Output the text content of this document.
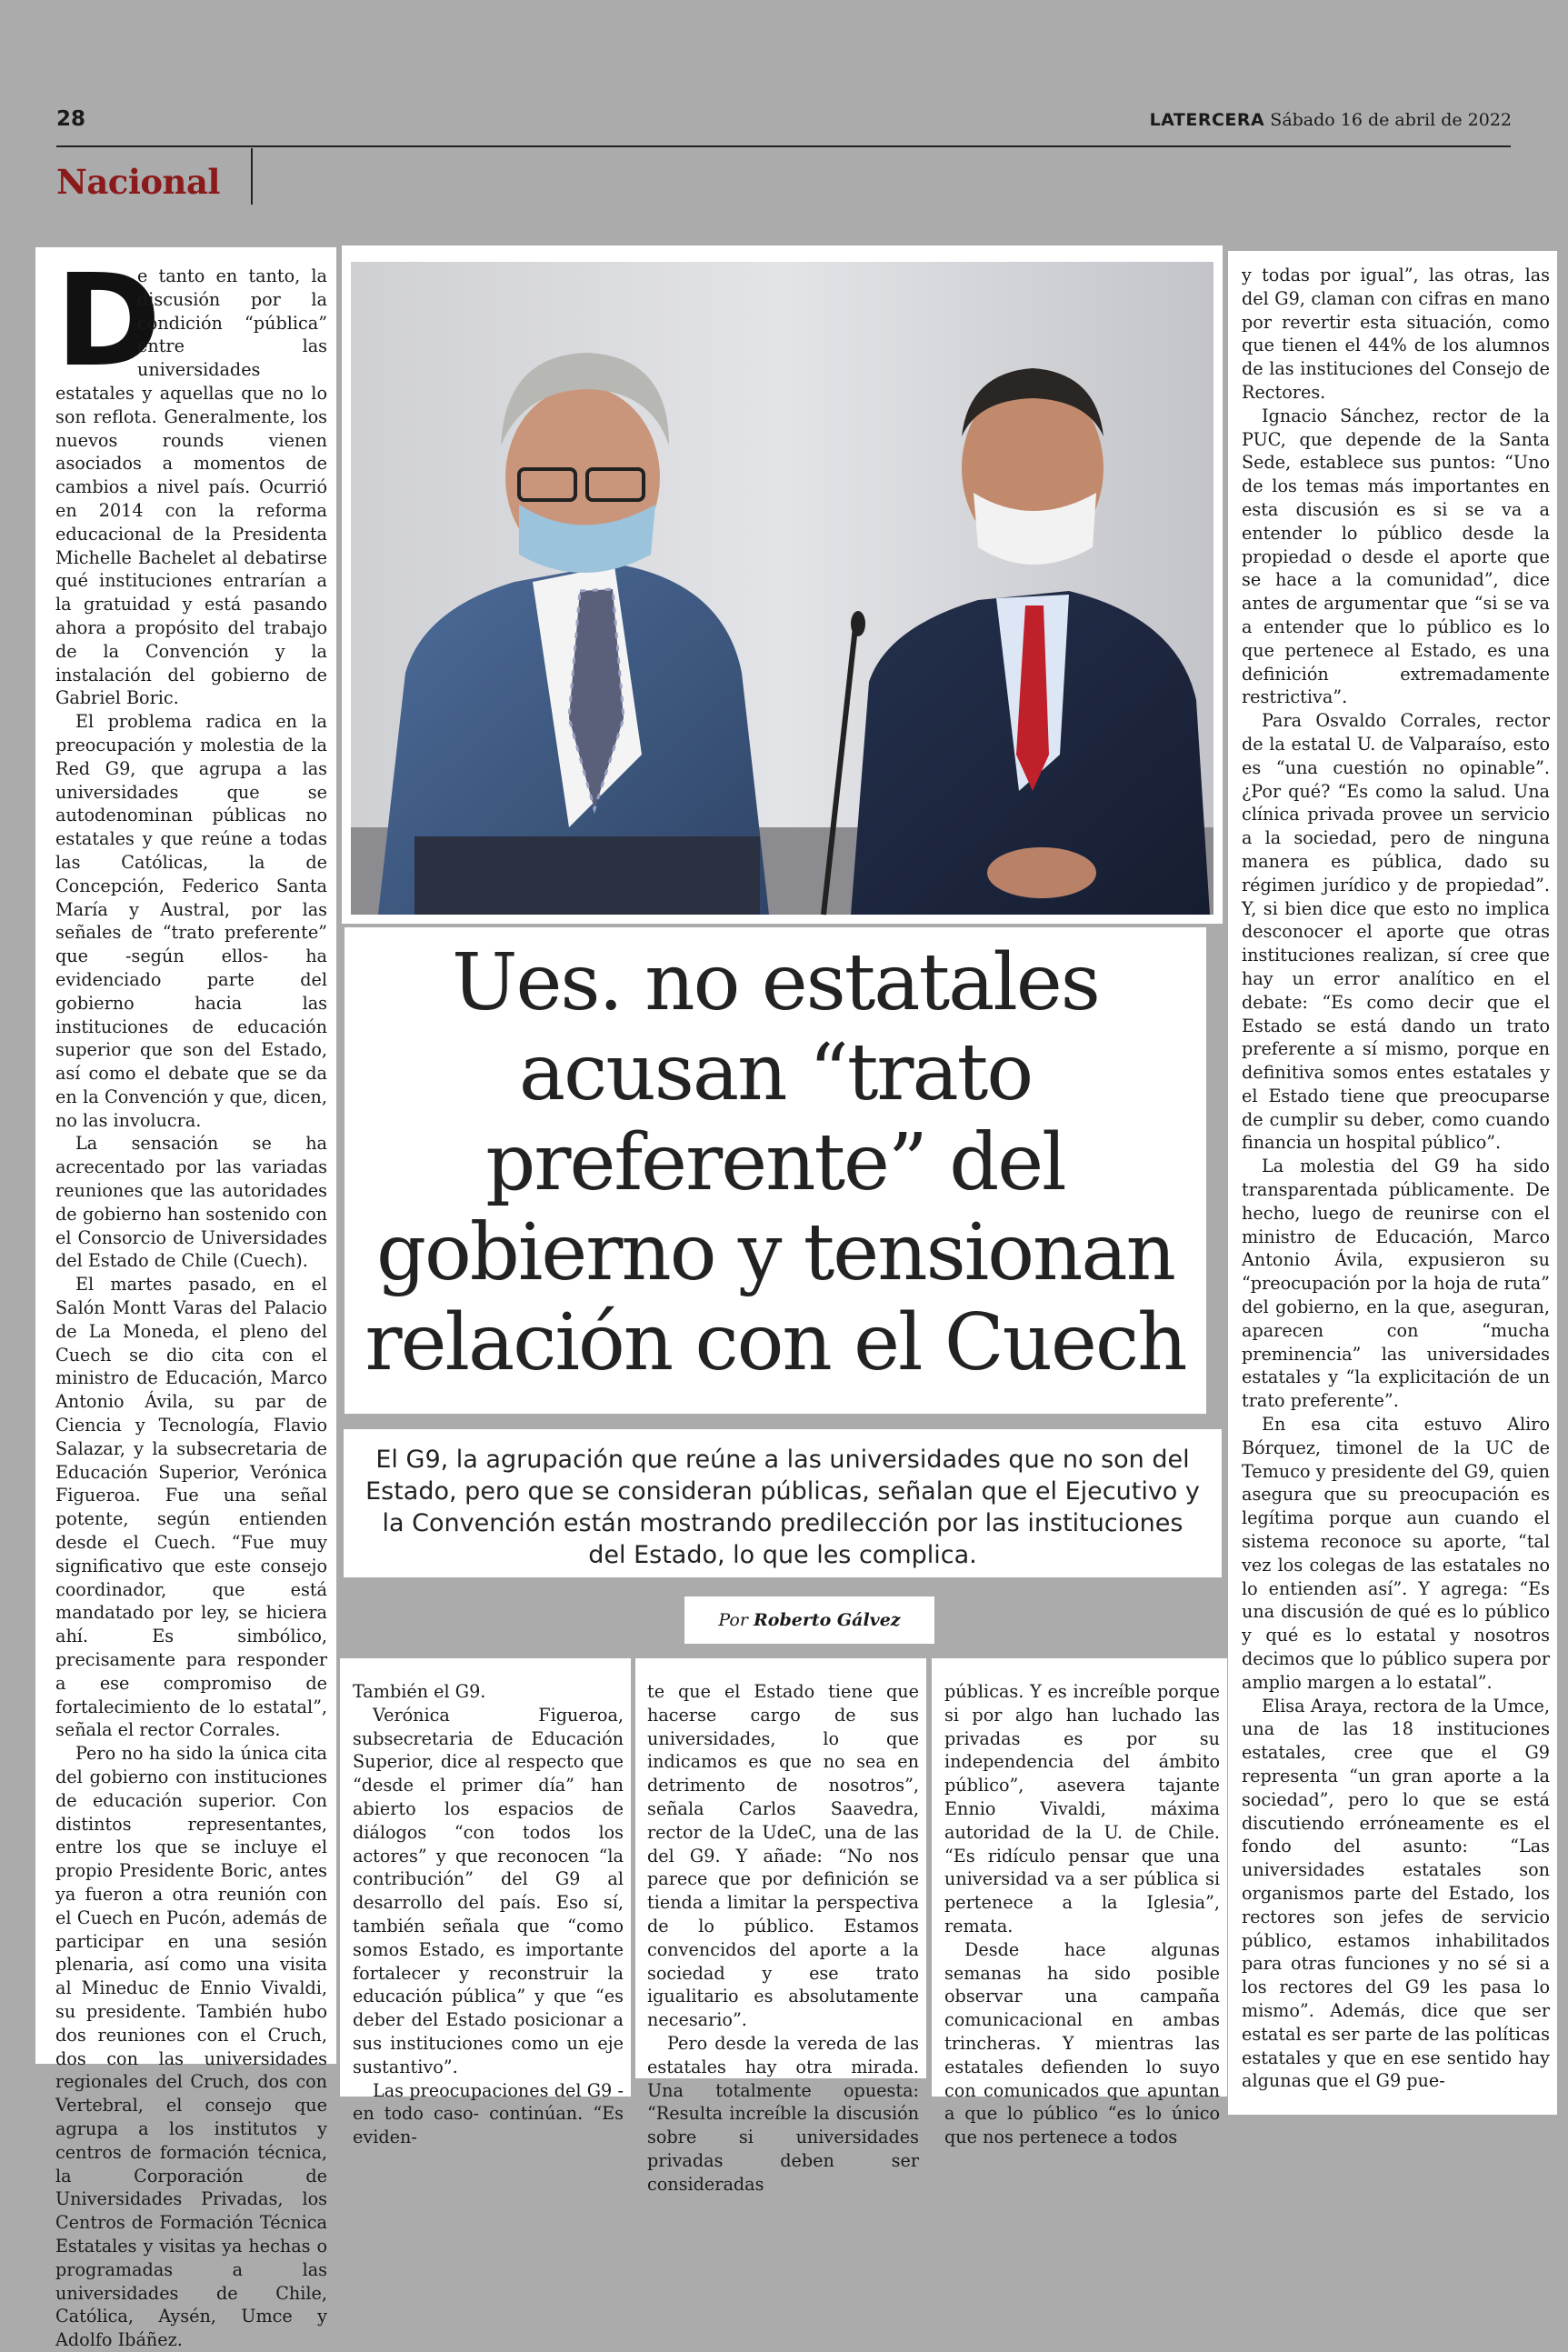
28	LATERCERA Sábado 16 de abril de 2022
Nacional
D

e tanto en tanto, la discusión por la condición “pública” entre las universidades estatales y aquellas que no lo son reflota. Generalmente, los nuevos rounds vienen asociados a momentos de cambios a nivel país. Ocurrió en 2014 con la reforma educacional de la Presidenta Michelle Bachelet al debatirse qué instituciones entrarían a la gratuidad y está pasando ahora a propósito del trabajo de la Convención y la instalación del gobierno de Gabriel Boric.

El problema radica en la preocupación y molestia de la Red G9, que agrupa a las universidades que se autodenominan públicas no estatales y que reúne a todas las Católicas, la de Concepción, Federico Santa María y Austral, por las señales de “trato preferente” que -según ellos- ha evidenciado parte del gobierno hacia las instituciones de educación superior que son del Estado, así como el debate que se da en la Convención y que, dicen, no las involucra.

La sensación se ha acrecentado por las variadas reuniones que las autoridades de gobierno han sostenido con el Consorcio de Universidades del Estado de Chile (Cuech).

El martes pasado, en el Salón Montt Varas del Palacio de La Moneda, el pleno del Cuech se dio cita con el ministro de Educación, Marco Antonio Ávila, su par de Ciencia y Tecnología, Flavio Salazar, y la subsecretaria de Educación Superior, Verónica Figueroa. Fue una señal potente, según entienden desde el Cuech. “Fue muy significativo que este consejo coordinador, que está mandatado por ley, se hiciera ahí. Es simbólico, precisamente para responder a ese compromiso de fortalecimiento de lo estatal”, señala el rector Corrales.

Pero no ha sido la única cita del gobierno con instituciones de educación superior. Con distintos representantes, entre los que se incluye el propio Presidente Boric, antes ya fueron a otra reunión con el Cuech en Pucón, además de participar en una sesión plenaria, así como una visita al Mineduc de Ennio Vivaldi, su presidente. También hubo dos reuniones con el Cruch, dos con las universidades regionales del Cruch, dos con Vertebral, el consejo que agrupa a los institutos y centros de formación técnica, la Corporación de Universidades Privadas, los Centros de Formación Técnica Estatales y visitas ya hechas o programadas a las universidades de Chile, Católica, Aysén, Umce y Adolfo Ibáñez.

Ues. no estatales
acusan “trato
preferente” del
gobierno y tensionan
relación con el Cuech
El G9, la agrupación que reúne a las universidades que no son del
Estado, pero que se consideran públicas, señalan que el Ejecutivo y
la Convención están mostrando predilección por las instituciones
del Estado, lo que les complica.
Por Roberto Gálvez

También el G9.

Verónica Figueroa, subsecretaria de Educación Superior, dice al respecto que “desde el primer día” han abierto los espacios de diálogos “con todos los actores” y que reconocen “la contribución” del G9 al desarrollo del país. Eso sí, también señala que “como somos Estado, es importante fortalecer y reconstruir la educación pública” y que “es deber del Estado posicionar a sus instituciones como un eje sustantivo”.

Las preocupaciones del G9 -en todo caso- continúan. “Es eviden-

te que el Estado tiene que hacerse cargo de sus universidades, lo que indicamos es que no sea en detrimento de nosotros”, señala Carlos Saavedra, rector de la UdeC, una de las del G9. Y añade: “No nos parece que por definición se tienda a limitar la perspectiva de lo público. Estamos convencidos del aporte a la sociedad y ese trato igualitario es absolutamente necesario”.

Pero desde la vereda de las estatales hay otra mirada. Una totalmente opuesta: “Resulta increíble la discusión sobre si universidades privadas deben ser consideradas

públicas. Y es increíble porque si por algo han luchado las privadas es por su independencia del ámbito público”, asevera tajante Ennio Vivaldi, máxima autoridad de la U. de Chile. “Es ridículo pensar que una universidad va a ser pública si pertenece a la Iglesia”, remata.

Desde hace algunas semanas ha sido posible observar una campaña comunicacional en ambas trincheras. Y mientras las estatales defienden lo suyo con comunicados que apuntan a que lo público “es lo único que nos pertenece a todos

y todas por igual”, las otras, las del G9, claman con cifras en mano por revertir esta situación, como que tienen el 44% de los alumnos de las instituciones del Consejo de Rectores.

Ignacio Sánchez, rector de la PUC, que depende de la Santa Sede, establece sus puntos: “Uno de los temas más importantes en esta discusión es si se va a entender lo público desde la propiedad o desde el aporte que se hace a la comunidad”, dice antes de argumentar que “si se va a entender que lo público es lo que pertenece al Estado, es una definición extremadamente restrictiva”.

Para Osvaldo Corrales, rector de la estatal U. de Valparaíso, esto es “una cuestión no opinable”. ¿Por qué? “Es como la salud. Una clínica privada provee un servicio a la sociedad, pero de ninguna manera es pública, dado su régimen jurídico y de propiedad”. Y, si bien dice que esto no implica desconocer el aporte que otras instituciones realizan, sí cree que hay un error analítico en el debate: “Es como decir que el Estado se está dando un trato preferente a sí mismo, porque en definitiva somos entes estatales y el Estado tiene que preocuparse de cumplir su deber, como cuando financia un hospital público”.

La molestia del G9 ha sido transparentada públicamente. De hecho, luego de reunirse con el ministro de Educación, Marco Antonio Ávila, expusieron su “preocupación por la hoja de ruta” del gobierno, en la que, aseguran, aparecen con “mucha preminencia” las universidades estatales y “la explicitación de un trato preferente”.

En esa cita estuvo Aliro Bórquez, timonel de la UC de Temuco y presidente del G9, quien asegura que su preocupación es legítima porque aun cuando el sistema reconoce su aporte, “tal vez los colegas de las estatales no lo entienden así”. Y agrega: “Es una discusión de qué es lo público y qué es lo estatal y nosotros decimos que lo público supera por amplio margen a lo estatal”.

Elisa Araya, rectora de la Umce, una de las 18 instituciones estatales, cree que el G9 representa “un gran aporte a la sociedad”, pero lo que se está discutiendo erróneamente es el fondo del asunto: “Las universidades estatales son organismos parte del Estado, los rectores son jefes de servicio público, estamos inhabilitados para otras funciones y no sé si a los rectores del G9 les pasa lo mismo”. Además, dice que ser estatal es ser parte de las políticas estatales y que en ese sentido hay algunas que el G9 pue-
